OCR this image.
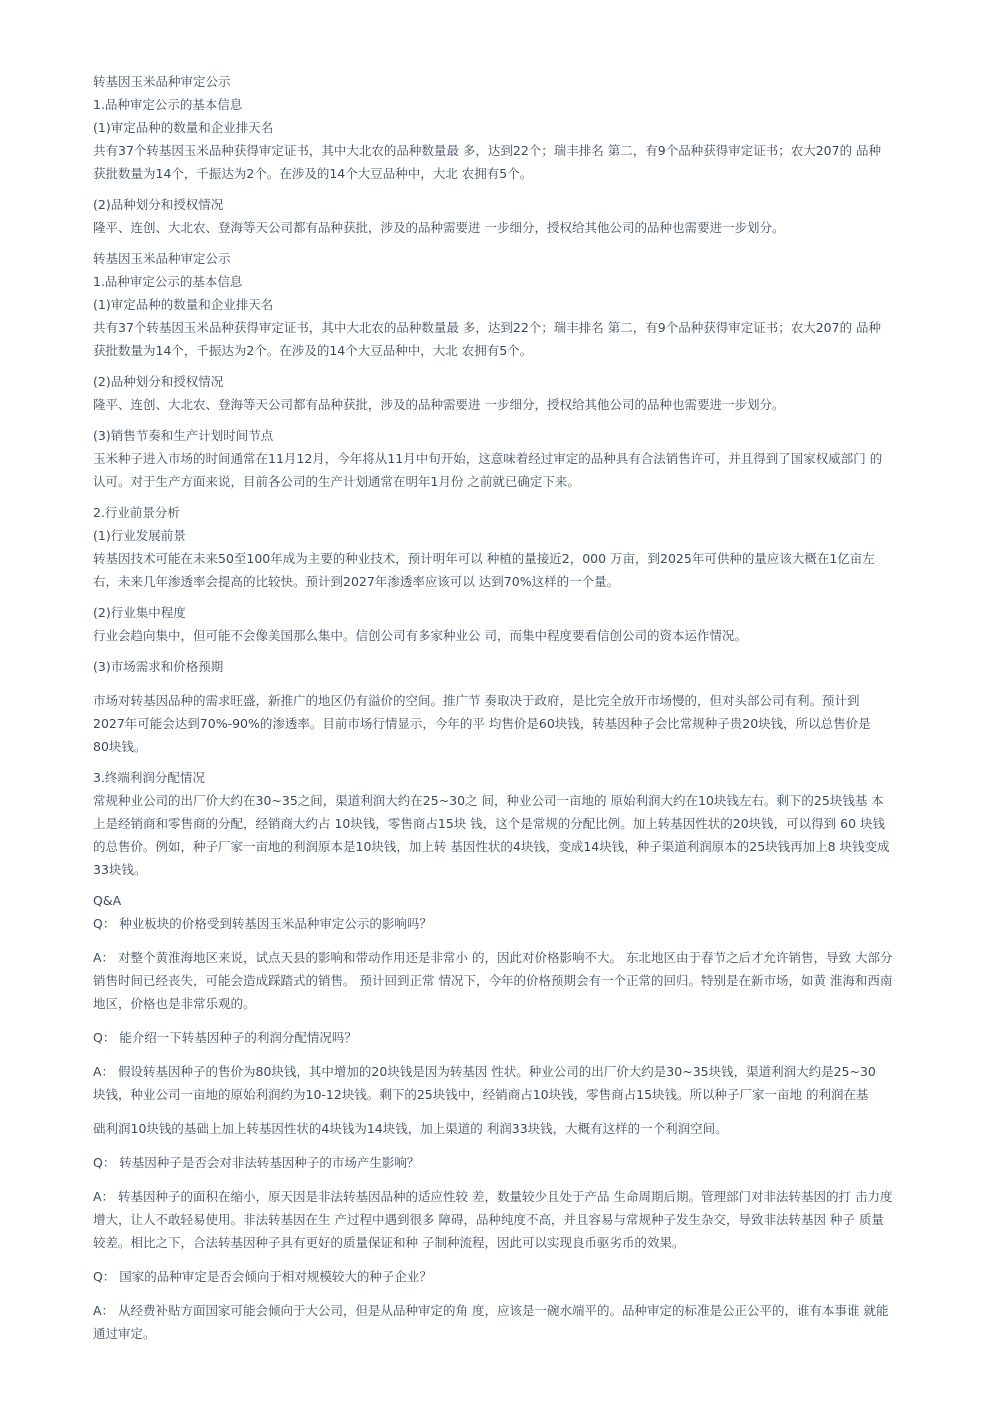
转基因玉米品种审定公示

1.品种审定公示的基本信息

(1)审定品种的数量和企业排天名

共有37个转基因玉米品种获得审定证书，其中大北农的品种数量最 多，达到22个；瑞丰排名 第二，有9个品种获得审定证书；农大207的 品种

获批数量为14个，千振达为2个。在涉及的14个大豆品种中，大北 农拥有5个。

(2)品种划分和授权情况

隆平、连创、大北农、登海等天公司都有品种获批，涉及的品种需要进 一步细分，授权给其他公司的品种也需要进一步划分。

转基因玉米品种审定公示

1.品种审定公示的基本信息

(1)审定品种的数量和企业排天名

共有37个转基因玉米品种获得审定证书，其中大北农的品种数量最 多，达到22个；瑞丰排名 第二，有9个品种获得审定证书；农大207的 品种

获批数量为14个，千振达为2个。在涉及的14个大豆品种中，大北 农拥有5个。

(2)品种划分和授权情况

隆平、连创、大北农、登海等天公司都有品种获批，涉及的品种需要进 一步细分，授权给其他公司的品种也需要进一步划分。

(3)销售节奏和生产计划时间节点

玉米种子进入市场的时间通常在11月12月，今年将从11月中旬开始，这意味着经过审定的品种具有合法销售许可，并且得到了国家权威部门 的

认可。对于生产方面来说，目前各公司的生产计划通常在明年1月份 之前就已确定下来。

2.行业前景分析

(1)行业发展前景

转基因技术可能在未来50至100年成为主要的种业技术，预计明年可以 种植的量接近2，000 万亩，到2025年可供种的量应该大概在1亿亩左

右，未来几年渗透率会提高的比较快。预计到2027年渗透率应该可以 达到70%这样的一个量。

(2)行业集中程度

行业会趋向集中，但可能不会像美国那么集中。信创公司有多家种业公 司，而集中程度要看信创公司的资本运作情况。

(3)市场需求和价格预期

市场对转基因品种的需求旺盛，新推广的地区仍有溢价的空间。推广节 奏取决于政府，是比完全放开市场慢的，但对头部公司有利。预计到

2027年可能会达到70%-90%的渗透率。目前市场行情显示，今年的平 均售价是60块钱，转基因种子会比常规种子贵20块钱，所以总售价是

80块钱。

3.终端利润分配情况

常规种业公司的出厂价大约在30~35之间，渠道利润大约在25~30之 间，种业公司一亩地的 原始利润大约在10块钱左右。剩下的25块钱基 本

上是经销商和零售商的分配，经销商大约占 10块钱，零售商占15块 钱，这个是常规的分配比例。加上转基因性状的20块钱，可以得到 60 块钱

的总售价。例如，种子厂家一亩地的利润原本是10块钱，加上转 基因性状的4块钱，变成14块钱，种子渠道利润原本的25块钱再加上8 块钱变成

33块钱。

Q&A

Q： 种业板块的价格受到转基因玉米品种审定公示的影响吗？

A： 对整个黄淮海地区来说，试点天县的影响和带动作用还是非常小 的，因此对价格影响不大。 东北地区由于春节之后才允许销售，导致 大部分

销售时间已经丧失，可能会造成踩踏式的销售。 预计回到正常 情况下，今年的价格预期会有一个正常的回归。特别是在新市场，如黄 淮海和西南

地区，价格也是非常乐观的。

Q： 能介绍一下转基因种子的利润分配情况吗？

A： 假设转基因种子的售价为80块钱，其中增加的20块钱是因为转基因 性状。种业公司的出厂价大约是30~35块钱，渠道利润大约是25~30

块钱，种业公司一亩地的原始利润约为10-12块钱。剩下的25块钱中，经销商占10块钱，零售商占15块钱。所以种子厂家一亩地 的利润在基

础利润10块钱的基础上加上转基因性状的4块钱为14块钱，加上渠道的 利润33块钱，大概有这样的一个利润空间。

Q： 转基因种子是否会对非法转基因种子的市场产生影响？

A： 转基因种子的面积在缩小，原天因是非法转基因品种的适应性较 差，数量较少且处于产品 生命周期后期。管理部门对非法转基因的打 击力度

增大，让人不敢轻易使用。非法转基因在生 产过程中遇到很多 障碍，品种纯度不高，并且容易与常规种子发生杂交，导致非法转基因 种子 质量

较差。相比之下，合法转基因种子具有更好的质量保证和种 子制种流程，因此可以实现良币驱劣币的效果。

Q： 国家的品种审定是否会倾向于相对规模较大的种子企业？

A： 从经费补贴方面国家可能会倾向于大公司，但是从品种审定的角 度，应该是一碗水端平的。品种审定的标准是公正公平的，谁有本事谁 就能

通过审定。
